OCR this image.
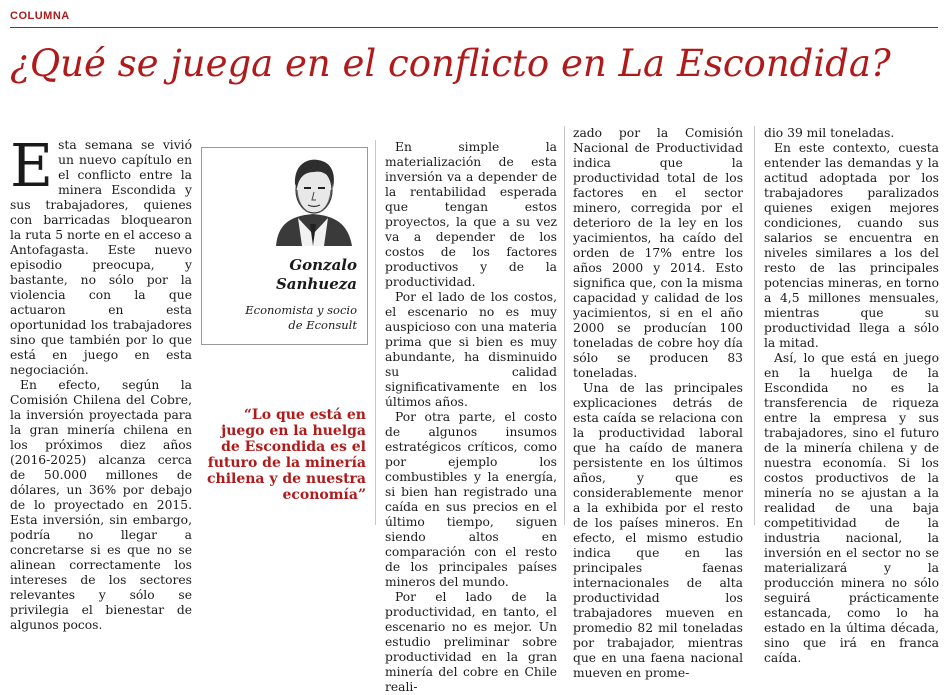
COLUMNA
¿Qué se juega en el conflicto en La Escondida?

Esta semana se vivió un nuevo capítulo en el conflicto entre la minera Escondida y sus trabajadores, quienes con barricadas bloquearon la ruta 5 norte en el acceso a Antofagasta. Este nuevo episodio preocupa, y bastante, no sólo por la violencia con la que actuaron en esta oportunidad los trabajadores sino que también por lo que está en juego en esta negociación.

En efecto, según la Comisión Chilena del Cobre, la inversión proyectada para la gran minería chilena en los próximos diez años (2016-2025) alcanza cerca de 50.000 millones de dólares, un 36% por debajo de lo proyectado en 2015. Esta inversión, sin embargo, podría no llegar a concretarse si es que no se alinean correctamente los intereses de los sectores relevantes y sólo se privilegia el bienestar de algunos pocos.

Gonzalo
Sanhueza
Economista y socio
de Econsult
“Lo que está en juego en la huelga de Escondida es el futuro de la minería chilena y de nuestra economía”

En simple la materialización de esta inversión va a depender de la rentabilidad esperada que tengan estos proyectos, la que a su vez va a depender de los costos de los factores productivos y de la productividad.

Por el lado de los costos, el escenario no es muy auspicioso con una materia prima que si bien es muy abundante, ha disminuido su calidad significativamente en los últimos años.

Por otra parte, el costo de algunos insumos estratégicos críticos, como por ejemplo los combustibles y la energía, si bien han registrado una caída en sus precios en el último tiempo, siguen siendo altos en comparación con el resto de los principales países mineros del mundo.

Por el lado de la productividad, en tanto, el escenario no es mejor. Un estudio preliminar sobre productividad en la gran minería del cobre en Chile reali-

zado por la Comisión Nacional de Productividad indica que la productividad total de los factores en el sector minero, corregida por el deterioro de la ley en los yacimientos, ha caído del orden de 17% entre los años 2000 y 2014. Esto significa que, con la misma capacidad y calidad de los yacimientos, si en el año 2000 se producían 100 toneladas de cobre hoy día sólo se producen 83 toneladas.

Una de las principales explicaciones detrás de esta caída se relaciona con la productividad laboral que ha caído de manera persistente en los últimos años, y que es considerablemente menor a la exhibida por el resto de los países mineros. En efecto, el mismo estudio indica que en las principales faenas internacionales de alta productividad los trabajadores mueven en promedio 82 mil toneladas por trabajador, mientras que en una faena nacional mueven en prome-

dio 39 mil toneladas.

En este contexto, cuesta entender las demandas y la actitud adoptada por los trabajadores paralizados quienes exigen mejores condiciones, cuando sus salarios se encuentra en niveles similares a los del resto de las principales potencias mineras, en torno a 4,5 millones mensuales, mientras que su productividad llega a sólo la mitad.

Así, lo que está en juego en la huelga de la Escondida no es la transferencia de riqueza entre la empresa y sus trabajadores, sino el futuro de la minería chilena y de nuestra economía. Si los costos productivos de la minería no se ajustan a la realidad de una baja competitividad de la industria nacional, la inversión en el sector no se materializará y la producción minera no sólo seguirá prácticamente estancada, como lo ha estado en la última década, sino que irá en franca caída.
